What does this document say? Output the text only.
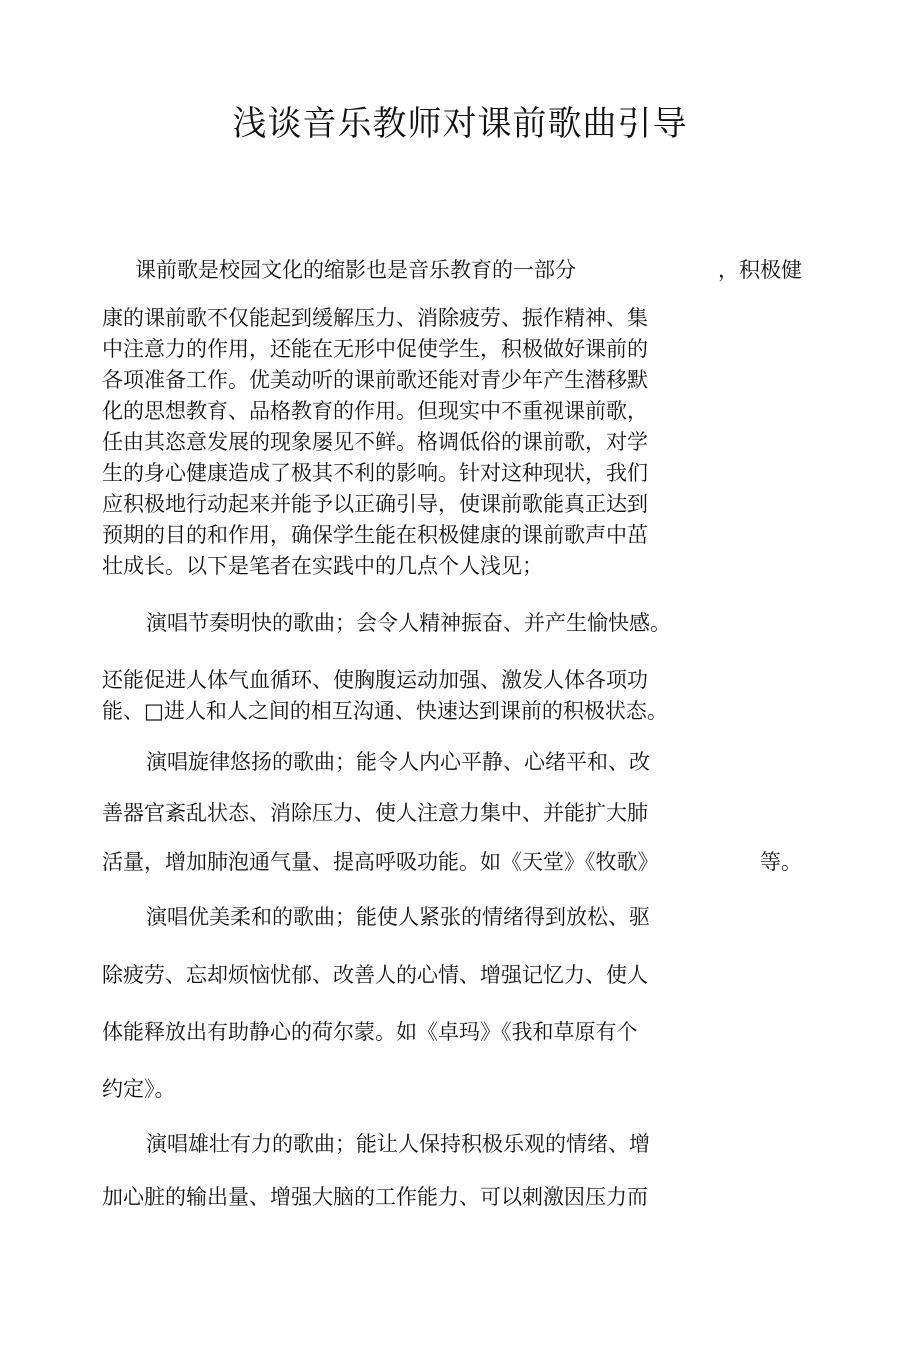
浅谈音乐教师对课前歌曲引导
课前歌是校园文化的缩影也是音乐教育的一部分	，积极健

康的课前歌不仅能起到缓解压力、消除疲劳、振作精神、集

中注意力的作用，还能在无形中促使学生，积极做好课前的

各项准备工作。优美动听的课前歌还能对青少年产生潜移默

化的思想教育、品格教育的作用。但现实中不重视课前歌，

任由其恣意发展的现象屡见不鲜。格调低俗的课前歌，对学

生的身心健康造成了极其不利的影响。针对这种现状，我们

应积极地行动起来并能予以正确引导，使课前歌能真正达到

预期的目的和作用，确保学生能在积极健康的课前歌声中茁

壮成长。以下是笔者在实践中的几点个人浅见；

演唱节奏明快的歌曲；会令人精神振奋、并产生愉快感。

还能促进人体气血循环、使胸腹运动加强、激发人体各项功

能、□进人和人之间的相互沟通、快速达到课前的积极状态。

演唱旋律悠扬的歌曲；能令人内心平静、心绪平和、改

善器官紊乱状态、消除压力、使人注意力集中、并能扩大肺

活量，增加肺泡通气量、提高呼吸功能。如《天堂》《牧歌》	等。

演唱优美柔和的歌曲；能使人紧张的情绪得到放松、驱

除疲劳、忘却烦恼忧郁、改善人的心情、增强记忆力、使人

体能释放出有助静心的荷尔蒙。如《卓玛》《我和草原有个

约定》。

演唱雄壮有力的歌曲；能让人保持积极乐观的情绪、增

加心脏的输出量、增强大脑的工作能力、可以刺激因压力而
